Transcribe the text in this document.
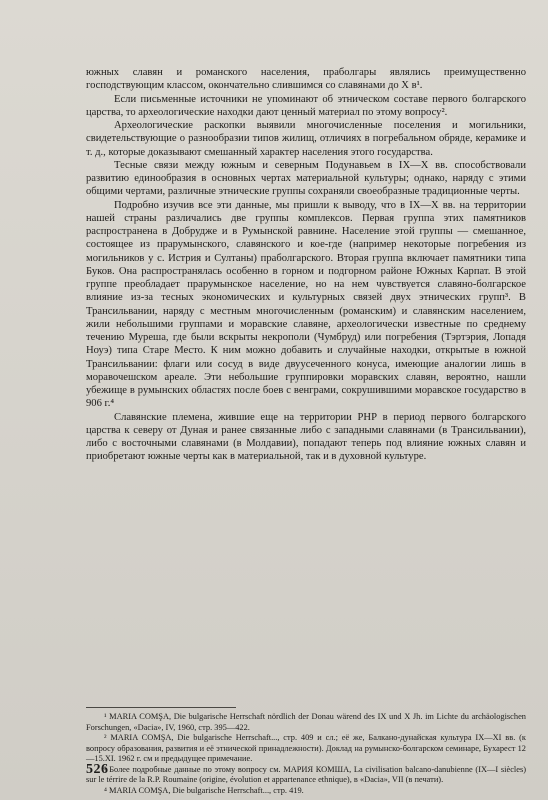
южных славян и романского населения, прaболгары являлись преимущественно господствующим классом, окончательно слившимся со славянами до X в¹.

Если письменные источники не упоминают об этническом составе первого болгарского царства, то археологические находки дают ценный материал по этому вопросу².

Археологические раскопки выявили многочисленные поселения и могильники, свидетельствующие о разнообразии типов жилищ, отличиях в погребальном обряде, керамике и т. д., которые доказывают смешанный характер населения этого государства.

Тесные связи между южным и северным Подунавьем в IX—X вв. способствовали развитию единообразия в основных чертах материальной культуры; однако, наряду с этими общими чертами, различные этнические группы сохраняли своеобразные традиционные черты.

Подробно изучив все эти данные, мы пришли к выводу, что в IX—X вв. на территории нашей страны различались две группы комплексов. Первая группа этих памятников распространена в Добрудже и в Румынской равнине. Население этой группы — смешанное, состоящее из прарумынского, славянского и кое-где (например некоторые погребения из могильников у с. Истрия и Султаны) праболгарского. Вторая группа включает памятники типа Буков. Она распространялась особенно в горном и подгорном районе Южных Карпат. В этой группе преобладает прарумынское население, но на нем чувствуется славяно-болгарское влияние из-за тесных экономических и культурных связей двух этнических групп³. В Трансильвании, наряду с местным многочисленным (романским) и славянским населением, жили небольшими группами и моравские славяне, археологически известные по среднему течению Муреша, где были вскрыты некрополи (Чумбруд) или погребения (Тэртэрия, Лопадя Ноуэ) типа Старе Место. К ним можно добавить и случайные находки, открытые в южной Трансильвании: флаги или сосуд в виде двуусеченного конуса, имеющие аналогии лишь в моравочешском ареале. Эти небольшие группировки моравских славян, вероятно, нашли убежище в румынских областях после боев с венграми, сокрушившими моравское государство в 906 г.⁴

Славянские племена, жившие еще на территории РНР в период первого болгарского царства к северу от Дуная и ранее связанные либо с западными славянами (в Трансильвании), либо с восточными славянами (в Молдавии), попадают теперь под влияние южных славян и приобретают южные черты как в материальной, так и в духовной культуре.

¹ MARIA COMŞA, Die bulgarische Herrschaft nördlich der Donau wärend des IX und X Jh. im Lichte du archäologischen Forschungen, «Dacia», IV, 1960, стр. 395—422.

² MARIA COMŞA, Die bulgarische Herrschaft..., стр. 409 и сл.; её же, Балкано-дунайская культура IX—XI вв. (к вопросу образования, развития и её этнической принадлежности). Доклад на румынско-болгарском семинаре, Бухарест 12—15.XI. 1962 г. см и предыдущее примечание.

³ Более подробные данные по этому вопросу см. МАРИЯ КОМША, La civilisation balcano-danubienne (IX—I siècles) sur le térrire de la R.P. Roumaine (origine, évolution et appartenance ethnique), в «Dacia», VII (в печати).

⁴ MARIA COMŞA, Die bulgarische Herrschaft..., стр. 419.

526
